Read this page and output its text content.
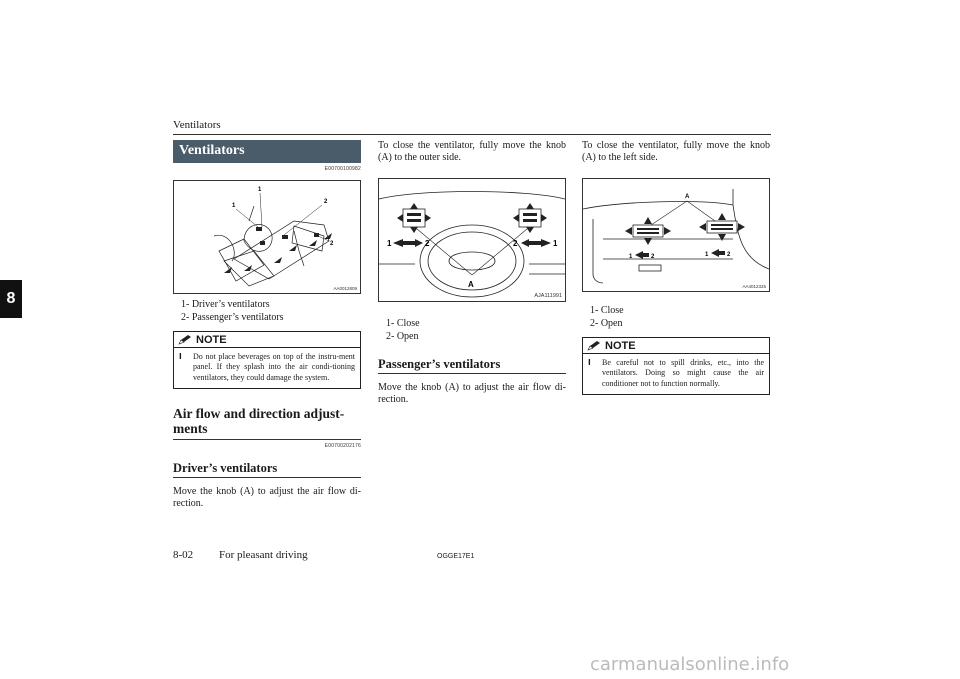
Ventilators
8
Ventilators
E00700100982
1
1
2
2
AA0012809
1- Driver’s ventilators
2- Passenger’s ventilators
NOTE
l	Do not place beverages on top of the instru-ment panel. If they splash into the air condi-tioning ventilators, they could damage the system.
Air flow and direction adjust-ments
E00700202176
Driver’s ventilators
Move the knob (A) to adjust the air flow di-rection.
To close the ventilator, fully move the knob (A) to the outer side.
1	2	2	1
A
AJA111991
1- Close
2- Open
Passenger’s ventilators
Move the knob (A) to adjust the air flow di-rection.
To close the ventilator, fully move the knob (A) to the left side.
A
1	2	1	2
AA4012325
1- Close
2- Open
NOTE
l	Be careful not to spill drinks, etc., into the ventilators. Doing so might cause the air conditioner not to function normally.
8-02 For pleasant driving	OGGE17E1
carmanualsonline.info
